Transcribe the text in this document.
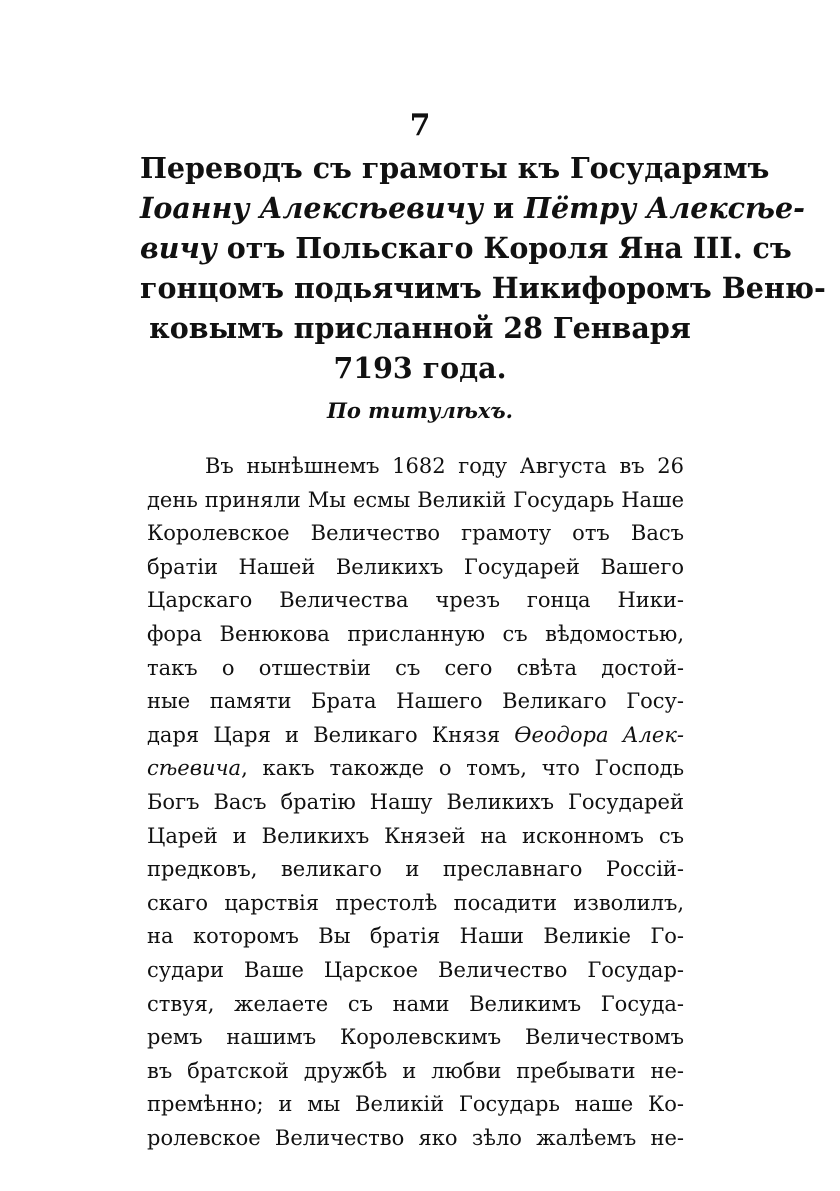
7
Переводъ съ грамоты къ Государямъ
Іоанну Алексѣевичу и Пётру Алексѣе-
вичу отъ Польскаго Короля Яна III. съ
гонцомъ подьячимъ Никифоромъ Веню-
ковымъ присланной 28 Генваря
7193 года.
По титулѣхъ.
Въ нынѣшнемъ 1682 году Августа въ 26
день приняли Мы есмы Великій Государь Наше
Королевское Величество грамоту отъ Васъ
братіи Нашей Великихъ Государей Вашего
Царскаго Величества чрезъ гонца Ники-
фора Венюкова присланную съ вѣдомостью,
такъ о отшествіи съ сего свѣта достой-
ные памяти Брата Нашего Великаго Госу-
даря Царя и Великаго Князя Өеодора Алек-
сѣевича, какъ такожде о томъ, что Господь
Богъ Васъ братію Нашу Великихъ Государей
Царей и Великихъ Князей на исконномъ съ
предковъ, великаго и преславнаго Россій-
скаго царствія престолѣ посадити изволилъ,
на которомъ Вы братія Наши Великіе Го-
судари Ваше Царское Величество Государ-
ствуя, желаете съ нами Великимъ Госуда-
ремъ нашимъ Королевскимъ Величествомъ
въ братской дружбѣ и любви пребывати не-
премѣнно; и мы Великій Государь наше Ко-
ролевское Величество яко зѣло жалѣемъ не-
